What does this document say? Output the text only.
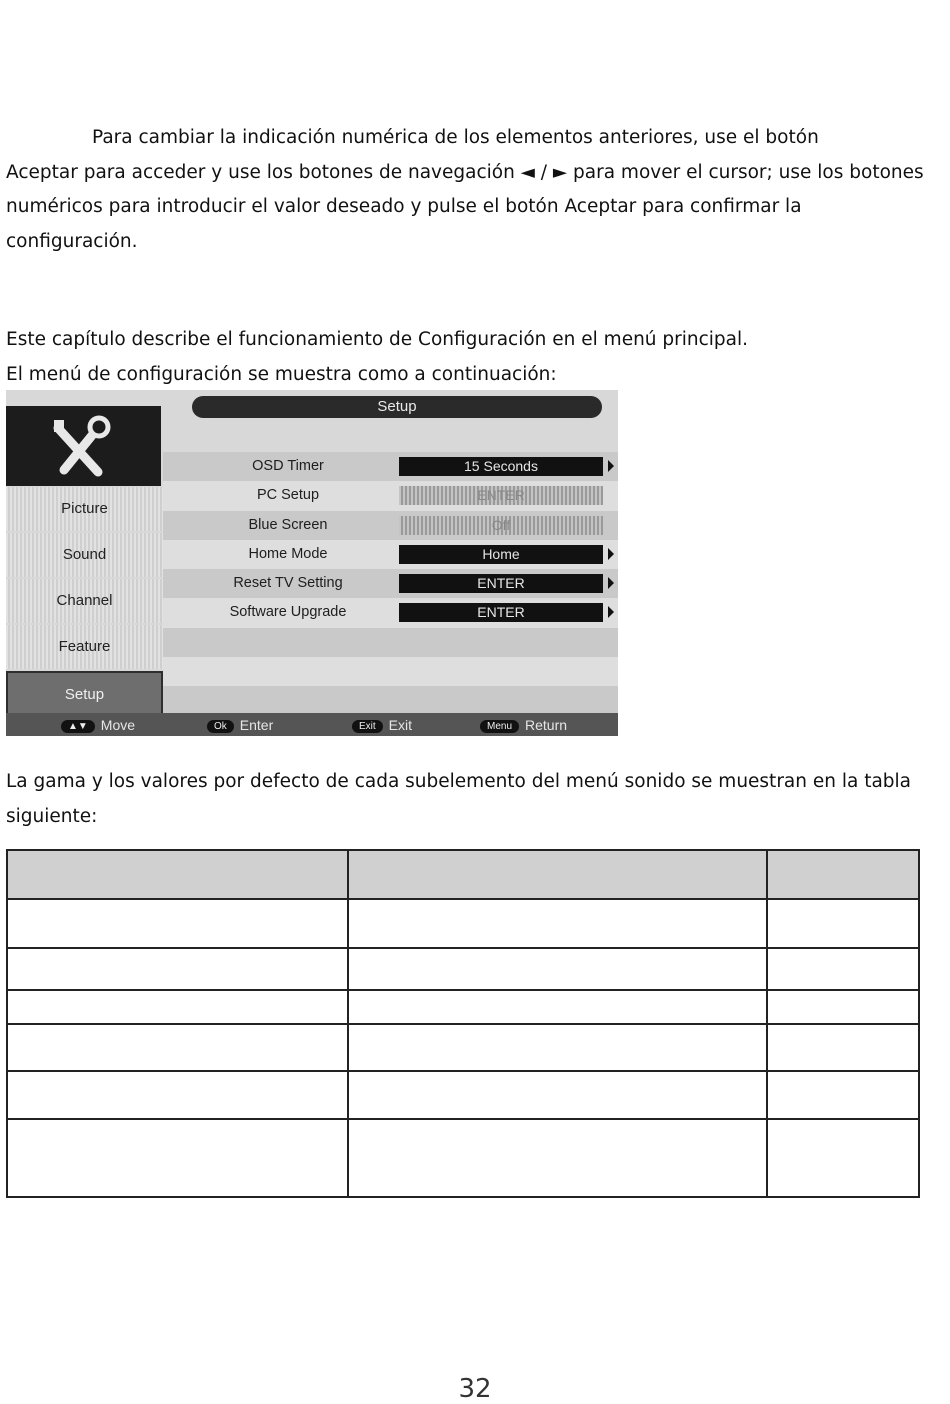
Para cambiar la indicación numérica de los elementos anteriores, use el botón

Aceptar para acceder y use los botones de navegación ◄ / ► para mover el cursor; use los botones numéricos para introducir el valor deseado y pulse el botón Aceptar para confirmar la configuración.

Este capítulo describe el funcionamiento de Configuración en el menú principal.

El menú de configuración se muestra como a continuación:

Setup
Picture
Sound
Channel
Feature
Setup
OSD Timer	15 Seconds
PC Setup	ENTER
Blue Screen	Off
Home Mode	Home
Reset TV Setting	ENTER
Software Upgrade	ENTER
▲▼ Move	Ok Enter	Exit Exit	Menu Return

La gama y los valores por defecto de cada subelemento del menú sonido se muestran en la tabla siguiente:

32
